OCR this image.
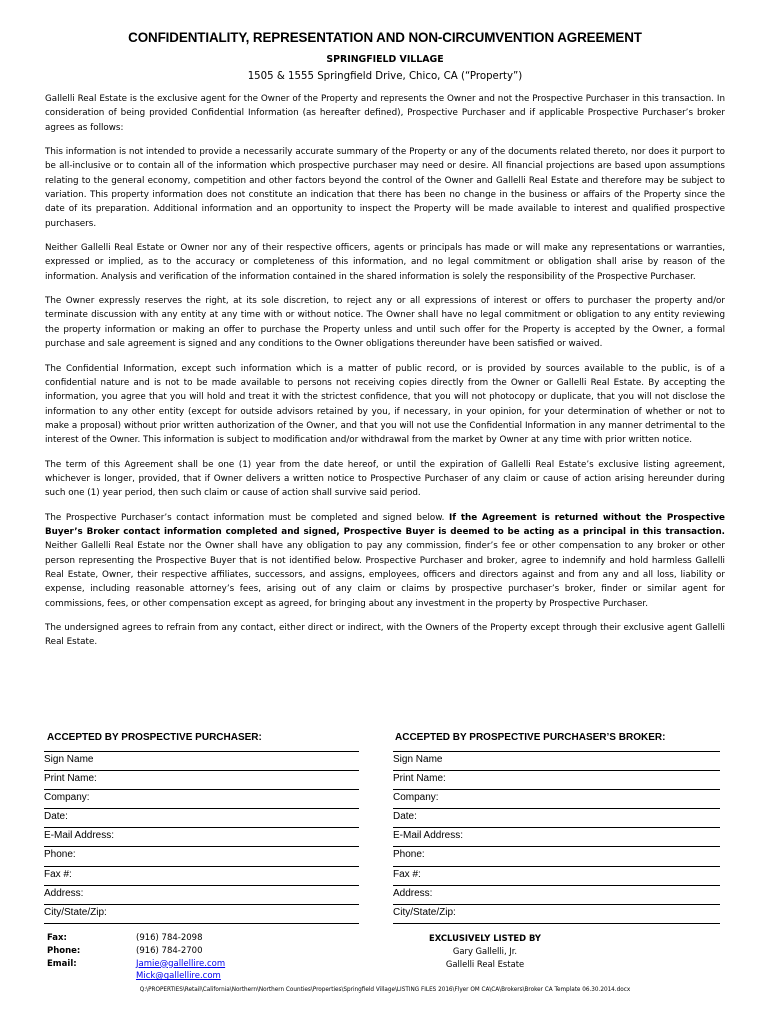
CONFIDENTIALITY, REPRESENTATION AND NON-CIRCUMVENTION AGREEMENT
SPRINGFIELD VILLAGE
1505 & 1555 Springfield Drive, Chico, CA (“Property”)

Gallelli Real Estate is the exclusive agent for the Owner of the Property and represents the Owner and not the Prospective Purchaser in this transaction. In consideration of being provided Confidential Information (as hereafter defined), Prospective Purchaser and if applicable Prospective Purchaser’s broker agrees as follows:

This information is not intended to provide a necessarily accurate summary of the Property or any of the documents related thereto, nor does it purport to be all-inclusive or to contain all of the information which prospective purchaser may need or desire. All financial projections are based upon assumptions relating to the general economy, competition and other factors beyond the control of the Owner and Gallelli Real Estate and therefore may be subject to variation. This property information does not constitute an indication that there has been no change in the business or affairs of the Property since the date of its preparation. Additional information and an opportunity to inspect the Property will be made available to interest and qualified prospective purchasers.

Neither Gallelli Real Estate or Owner nor any of their respective officers, agents or principals has made or will make any representations or warranties, expressed or implied, as to the accuracy or completeness of this information, and no legal commitment or obligation shall arise by reason of the information. Analysis and verification of the information contained in the shared information is solely the responsibility of the Prospective Purchaser.

The Owner expressly reserves the right, at its sole discretion, to reject any or all expressions of interest or offers to purchaser the property and/or terminate discussion with any entity at any time with or without notice. The Owner shall have no legal commitment or obligation to any entity reviewing the property information or making an offer to purchase the Property unless and until such offer for the Property is accepted by the Owner, a formal purchase and sale agreement is signed and any conditions to the Owner obligations thereunder have been satisfied or waived.

The Confidential Information, except such information which is a matter of public record, or is provided by sources available to the public, is of a confidential nature and is not to be made available to persons not receiving copies directly from the Owner or Gallelli Real Estate. By accepting the information, you agree that you will hold and treat it with the strictest confidence, that you will not photocopy or duplicate, that you will not disclose the information to any other entity (except for outside advisors retained by you, if necessary, in your opinion, for your determination of whether or not to make a proposal) without prior written authorization of the Owner, and that you will not use the Confidential Information in any manner detrimental to the interest of the Owner. This information is subject to modification and/or withdrawal from the market by Owner at any time with prior written notice.

The term of this Agreement shall be one (1) year from the date hereof, or until the expiration of Gallelli Real Estate’s exclusive listing agreement, whichever is longer, provided, that if Owner delivers a written notice to Prospective Purchaser of any claim or cause of action arising hereunder during such one (1) year period, then such claim or cause of action shall survive said period.

The Prospective Purchaser’s contact information must be completed and signed below. If the Agreement is returned without the Prospective Buyer’s Broker contact information completed and signed, Prospective Buyer is deemed to be acting as a principal in this transaction. Neither Gallelli Real Estate nor the Owner shall have any obligation to pay any commission, finder’s fee or other compensation to any broker or other person representing the Prospective Buyer that is not identified below. Prospective Purchaser and broker, agree to indemnify and hold harmless Gallelli Real Estate, Owner, their respective affiliates, successors, and assigns, employees, officers and directors against and from any and all loss, liability or expense, including reasonable attorney’s fees, arising out of any claim or claims by prospective purchaser’s broker, finder or similar agent for commissions, fees, or other compensation except as agreed, for bringing about any investment in the property by Prospective Purchaser.

The undersigned agrees to refrain from any contact, either direct or indirect, with the Owners of the Property except through their exclusive agent Gallelli Real Estate.

ACCEPTED BY PROSPECTIVE PURCHASER:	ACCEPTED BY PROSPECTIVE PURCHASER’S BROKER:
Sign Name
Print Name:
Company:
Date:
E-Mail Address:
Phone:
Fax #:
Address:
City/State/Zip:
Sign Name
Print Name:
Company:
Date:
E-Mail Address:
Phone:
Fax #:
Address:
City/State/Zip:
Fax:	(916) 784-2098
Phone:	(916) 784-2700
Email:	Jamie@gallellire.com
Mick@gallellire.com
EXCLUSIVELY LISTED BY
Gary Gallelli, Jr.
Gallelli Real Estate
Q:\PROPERTIES\Retail\California\Northern\Northern Counties\Properties\Springfield Village\LISTING FILES 2016\Flyer OM CA\CA\Brokers\Broker CA Template 06.30.2014.docx
